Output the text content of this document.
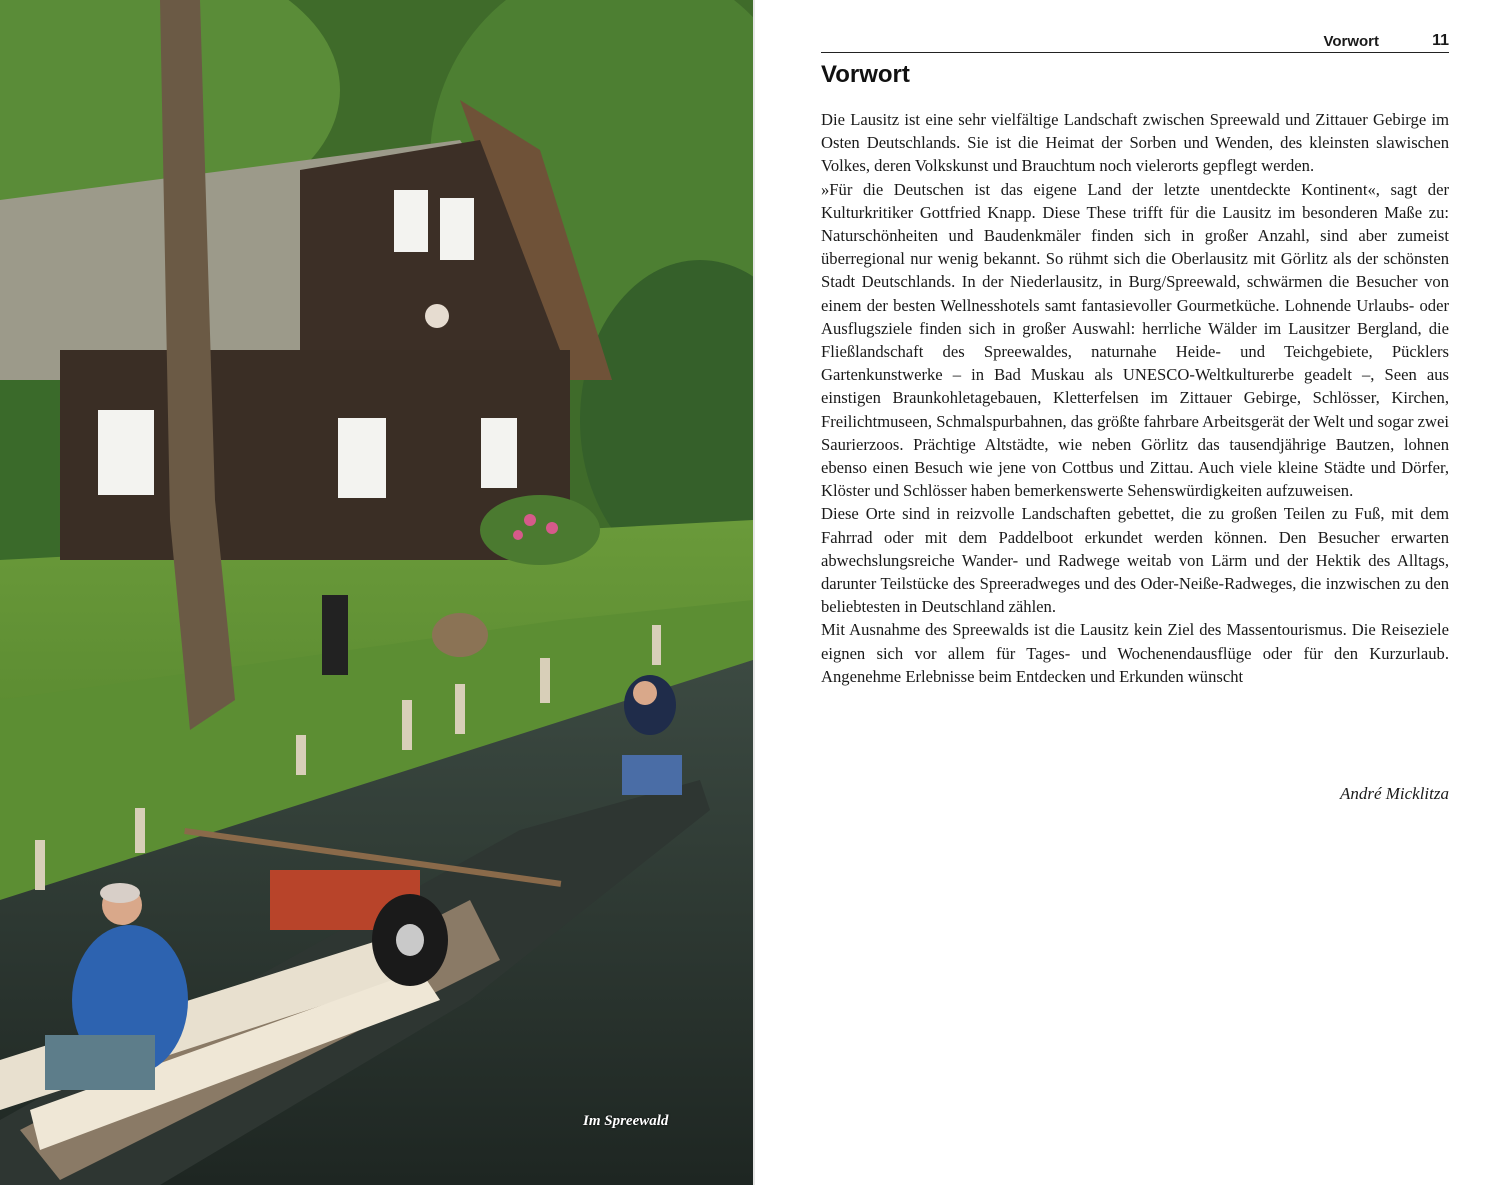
Im Spreewald
Vorwort	11
Vorwort

Die Lausitz ist eine sehr vielfältige Landschaft zwischen Spreewald und Zittauer Gebirge im Osten Deutschlands. Sie ist die Heimat der Sorben und Wenden, des kleinsten slawischen Volkes, deren Volkskunst und Brauchtum noch vielerorts gepflegt werden.

»Für die Deutschen ist das eigene Land der letzte unentdeckte Kontinent«, sagt der Kulturkritiker Gottfried Knapp. Diese These trifft für die Lausitz im besonderen Maße zu: Naturschönheiten und Baudenkmäler finden sich in großer Anzahl, sind aber zumeist überregional nur wenig bekannt. So rühmt sich die Oberlausitz mit Görlitz als der schönsten Stadt Deutschlands. In der Niederlausitz, in Burg/Spreewald, schwärmen die Besucher von einem der besten Wellnesshotels samt fantasievoller Gourmetküche. Lohnende Urlaubs- oder Ausflugsziele finden sich in großer Auswahl: herrliche Wälder im Lausitzer Bergland, die Fließlandschaft des Spreewaldes, naturnahe Heide- und Teichgebiete, Pücklers Gartenkunstwerke – in Bad Muskau als UNESCO-Weltkulturerbe geadelt –, Seen aus einstigen Braunkohletagebauen, Kletterfelsen im Zittauer Gebirge, Schlösser, Kirchen, Freilichtmuseen, Schmalspurbahnen, das größte fahrbare Arbeitsgerät der Welt und sogar zwei Saurierzoos. Prächtige Altstädte, wie neben Görlitz das tausendjährige Bautzen, lohnen ebenso einen Besuch wie jene von Cottbus und Zittau. Auch viele kleine Städte und Dörfer, Klöster und Schlösser haben bemerkenswerte Sehenswürdigkeiten aufzuweisen.

Diese Orte sind in reizvolle Landschaften gebettet, die zu großen Teilen zu Fuß, mit dem Fahrrad oder mit dem Paddelboot erkundet werden können. Den Besucher erwarten abwechslungsreiche Wander- und Radwege weitab von Lärm und der Hektik des Alltags, darunter Teilstücke des Spreeradweges und des Oder-Neiße-Radweges, die inzwischen zu den beliebtesten in Deutschland zählen.

Mit Ausnahme des Spreewalds ist die Lausitz kein Ziel des Massentourismus. Die Reiseziele eignen sich vor allem für Tages- und Wochenendausflüge oder für den Kurzurlaub. Angenehme Erlebnisse beim Entdecken und Erkunden wünscht

André Micklitza
